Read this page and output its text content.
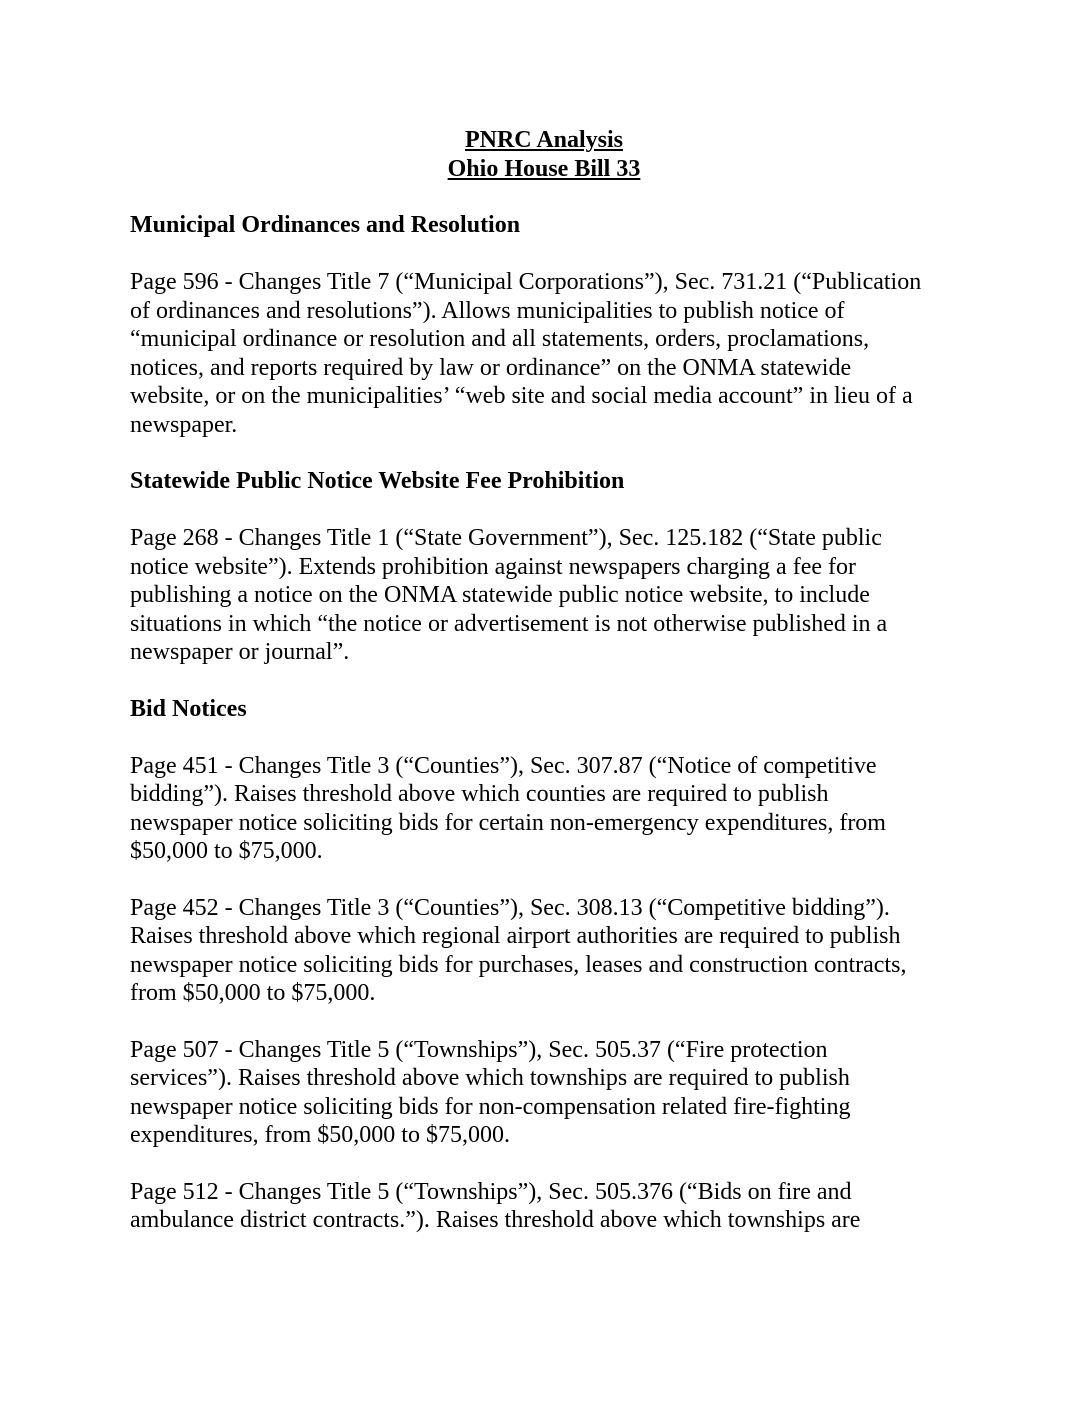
PNRC Analysis
Ohio House Bill 33
Municipal Ordinances and Resolution

Page 596 - Changes Title 7 (“Municipal Corporations”), Sec. 731.21 (“Publication
of ordinances and resolutions”). Allows municipalities to publish notice of
“municipal ordinance or resolution and all statements, orders, proclamations,
notices, and reports required by law or ordinance” on the ONMA statewide
website, or on the municipalities’ “web site and social media account” in lieu of a
newspaper.

Statewide Public Notice Website Fee Prohibition

Page 268 - Changes Title 1 (“State Government”), Sec. 125.182 (“State public
notice website”). Extends prohibition against newspapers charging a fee for
publishing a notice on the ONMA statewide public notice website, to include
situations in which “the notice or advertisement is not otherwise published in a
newspaper or journal”.

Bid Notices

Page 451 - Changes Title 3 (“Counties”), Sec. 307.87 (“Notice of competitive
bidding”). Raises threshold above which counties are required to publish
newspaper notice soliciting bids for certain non-emergency expenditures, from
$50,000 to $75,000.

Page 452 - Changes Title 3 (“Counties”), Sec. 308.13 (“Competitive bidding”).
Raises threshold above which regional airport authorities are required to publish
newspaper notice soliciting bids for purchases, leases and construction contracts,
from $50,000 to $75,000.

Page 507 - Changes Title 5 (“Townships”), Sec. 505.37 (“Fire protection
services”). Raises threshold above which townships are required to publish
newspaper notice soliciting bids for non-compensation related fire-fighting
expenditures, from $50,000 to $75,000.

Page 512 - Changes Title 5 (“Townships”), Sec. 505.376 (“Bids on fire and
ambulance district contracts.”). Raises threshold above which townships are
